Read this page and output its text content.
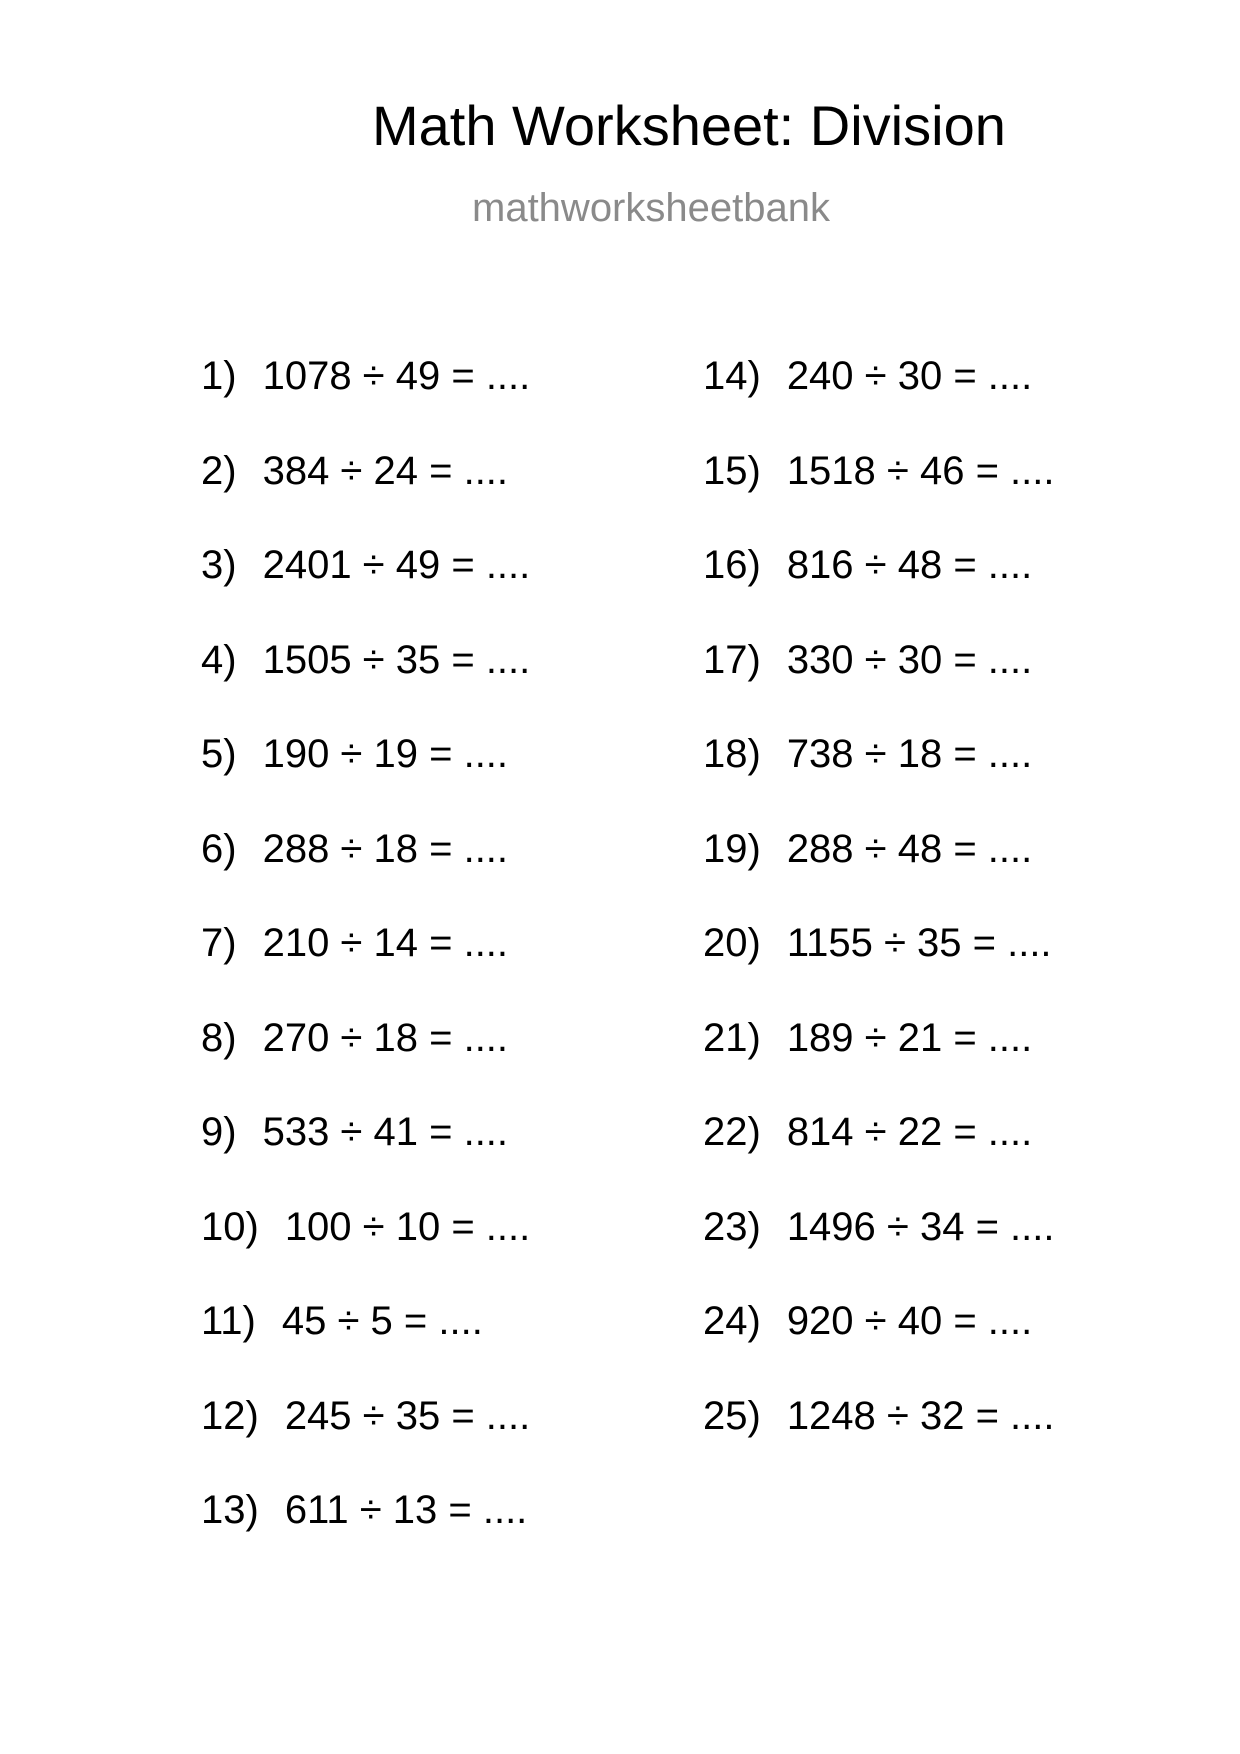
Math Worksheet: Division
mathworksheetbank
1) 1078 ÷ 49 = ....
2) 384 ÷ 24 = ....
3) 2401 ÷ 49 = ....
4) 1505 ÷ 35 = ....
5) 190 ÷ 19 = ....
6) 288 ÷ 18 = ....
7) 210 ÷ 14 = ....
8) 270 ÷ 18 = ....
9) 533 ÷ 41 = ....
10) 100 ÷ 10 = ....
11) 45 ÷ 5 = ....
12) 245 ÷ 35 = ....
13) 611 ÷ 13 = ....
14) 240 ÷ 30 = ....
15) 1518 ÷ 46 = ....
16) 816 ÷ 48 = ....
17) 330 ÷ 30 = ....
18) 738 ÷ 18 = ....
19) 288 ÷ 48 = ....
20) 1155 ÷ 35 = ....
21) 189 ÷ 21 = ....
22) 814 ÷ 22 = ....
23) 1496 ÷ 34 = ....
24) 920 ÷ 40 = ....
25) 1248 ÷ 32 = ....
